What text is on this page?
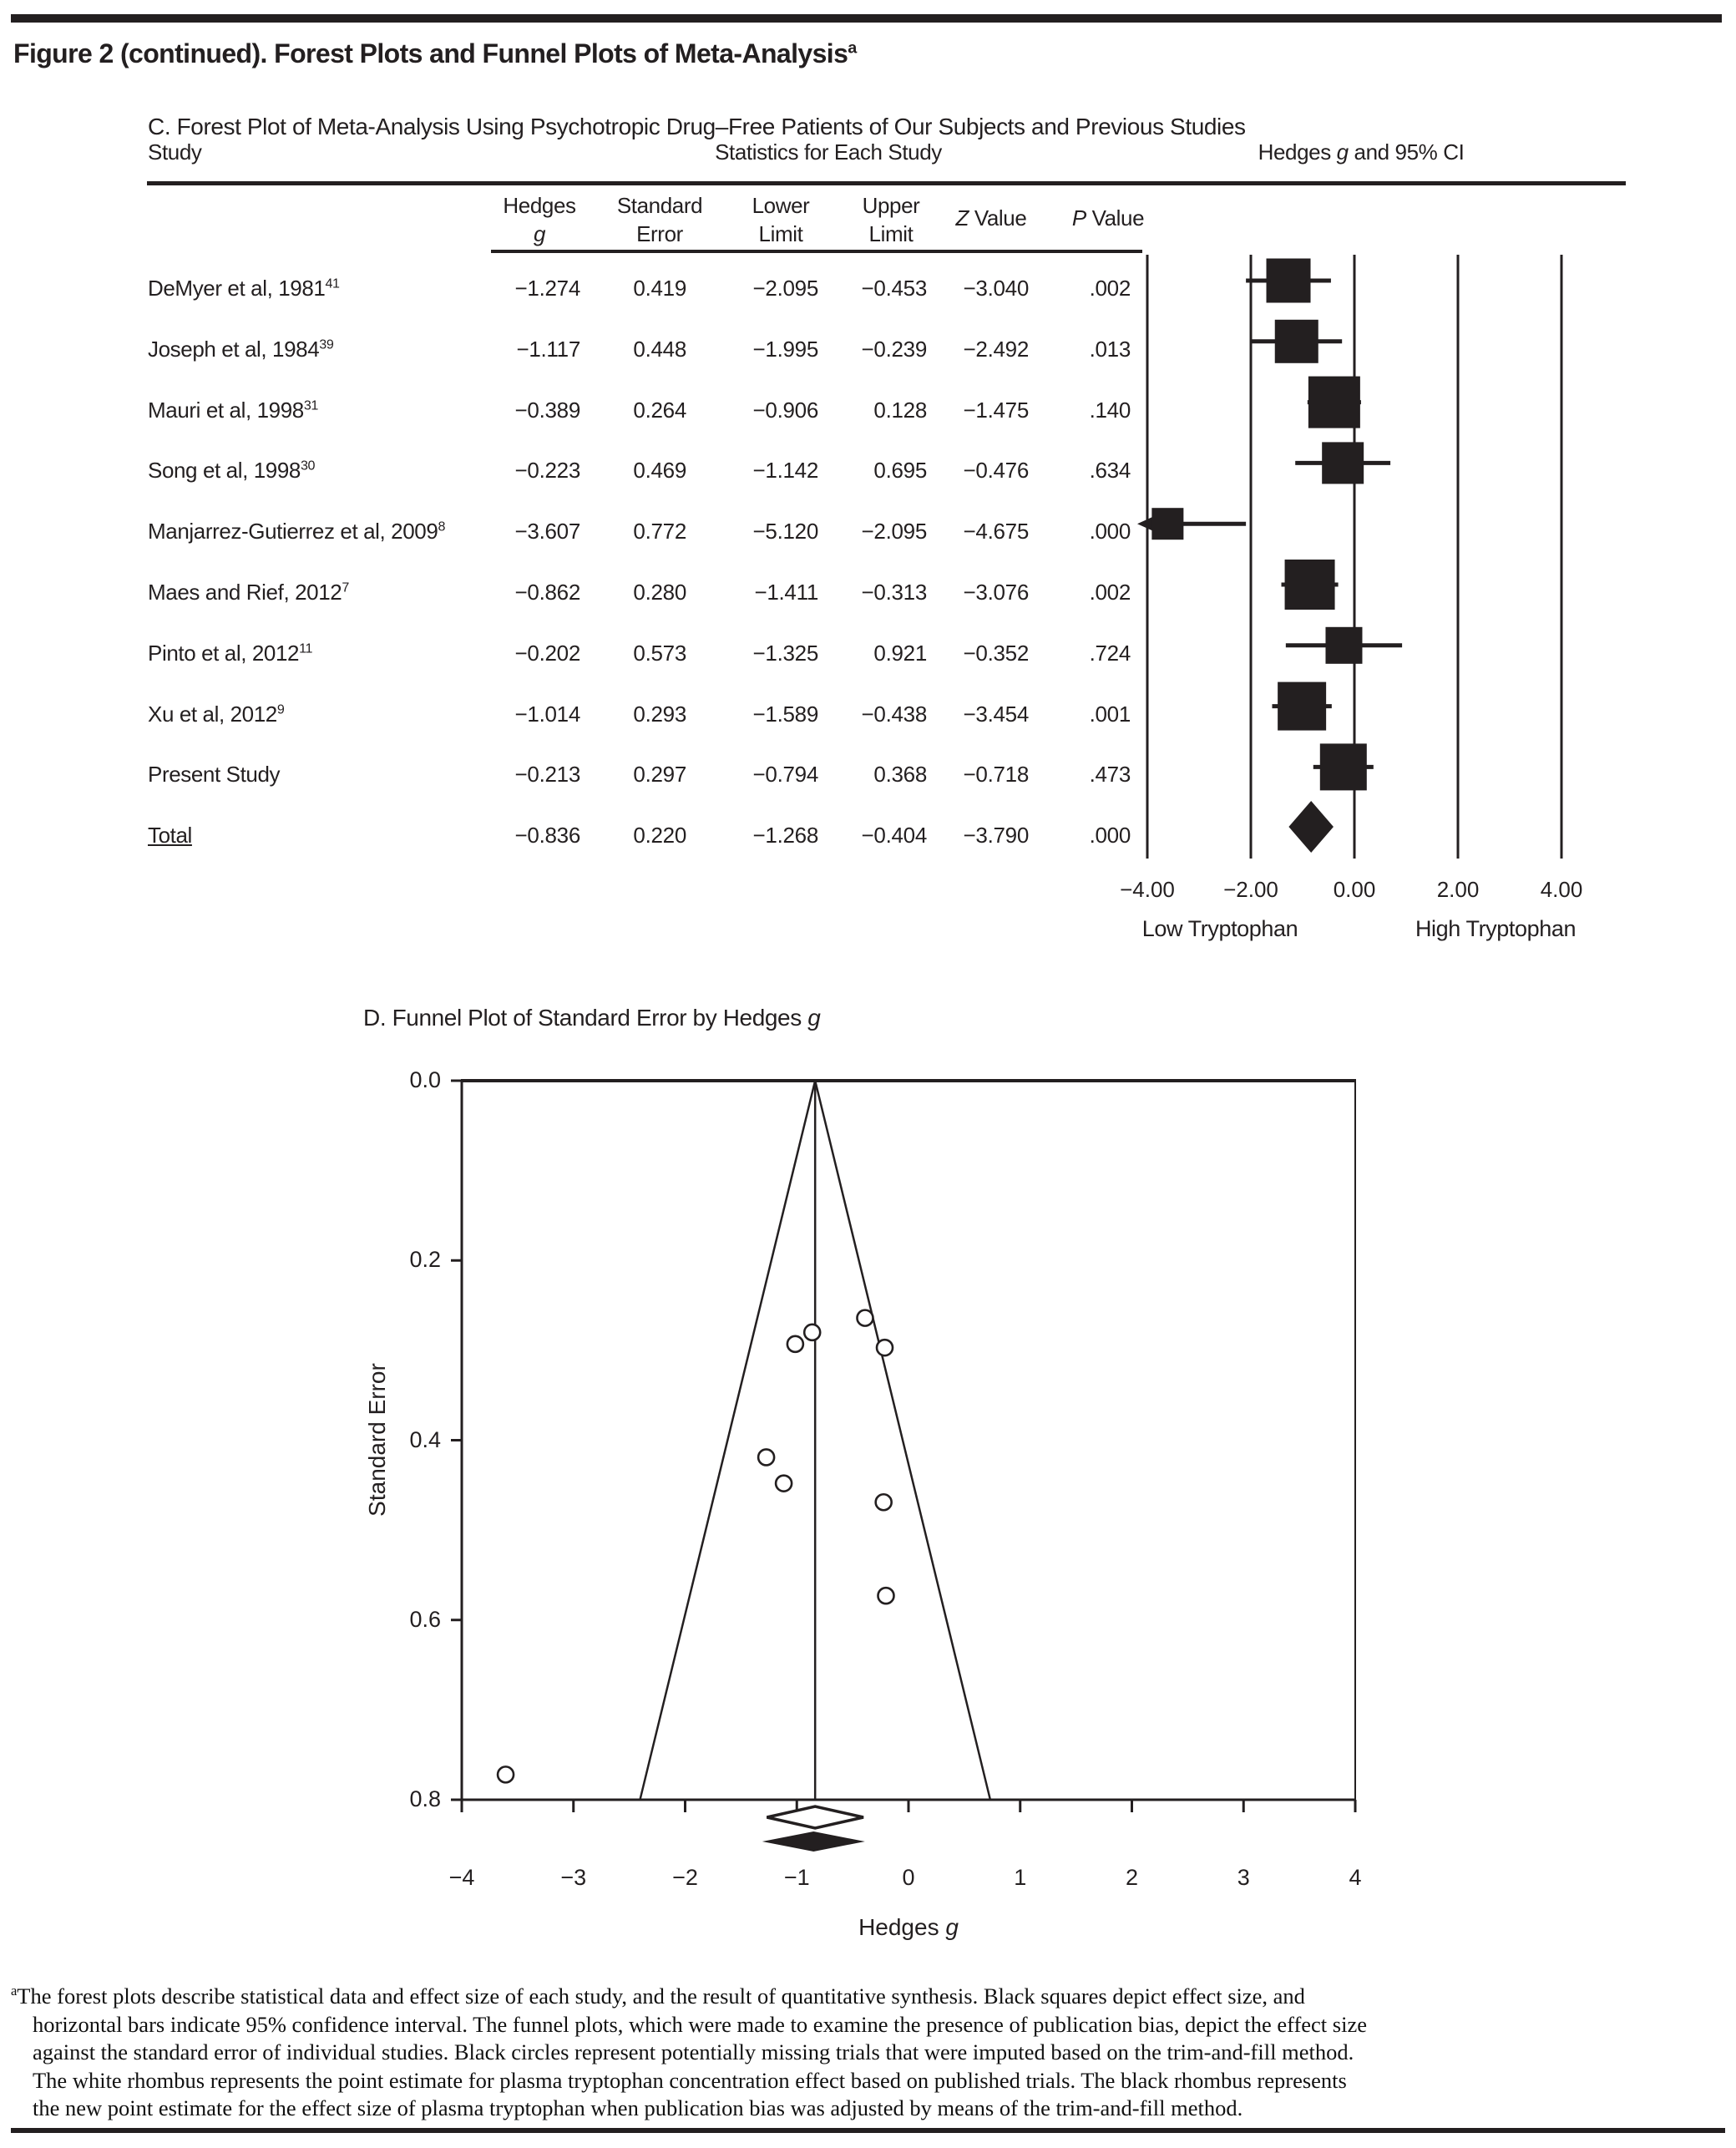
Figure 2 (continued). Forest Plots and Funnel Plots of Meta-Analysis$^a$
C. Forest Plot of Meta-Analysis Using Psychotropic Drug–Free Patients of Our Subjects and Previous Studies
Study	Statistics for Each Study	Hedges g and 95% CI
Hedges
g
Standard
Error
Lower
Limit
Upper
Limit
Z Value	P Value
DeMyer et al, $1981^{41}$	−1.274	0.419	−2.095	−0.453	−3.040	.002
Joseph et al, $1984^{39}$	−1.117	0.448	−1.995	−0.239	−2.492	.013
Mauri et al, $1998^{31}$	−0.389	0.264	−0.906	0.128	−1.475	.140
Song et al, $1998^{30}$	−0.223	0.469	−1.142	0.695	−0.476	.634
Manjarrez-Gutierrez et al, $2009^8$	−3.607	0.772	−5.120	−2.095	−4.675	.000
Maes and Rief, $2012^7$	−0.862	0.280	−1.411	−0.313	−3.076	.002
Pinto et al, $2012^{11}$	−0.202	0.573	−1.325	0.921	−0.352	.724
Xu et al, $2012^9$	−1.014	0.293	−1.589	−0.438	−3.454	.001
Present Study	−0.213	0.297	−0.794	0.368	−0.718	.473
Total	−0.836	0.220	−1.268	−0.404	−3.790	.000
−4.00	−2.00	0.00	2.00	4.00
Low Tryptophan	High Tryptophan
D. Funnel Plot of Standard Error by Hedges g
Standard Error
0.0
0.2
0.4
0.6
0.8
−4	−3	−2	−1	0	1	2	3	4
Hedges g
$^a$The forest plots describe statistical data and effect size of each study, and the result of quantitative synthesis. Black squares depict effect size, and
horizontal bars indicate 95% confidence interval. The funnel plots, which were made to examine the presence of publication bias, depict the effect size
against the standard error of individual studies. Black circles represent potentially missing trials that were imputed based on the trim-and-fill method.
The white rhombus represents the point estimate for plasma tryptophan concentration effect based on published trials. The black rhombus represents
the new point estimate for the effect size of plasma tryptophan when publication bias was adjusted by means of the trim-and-fill method.
